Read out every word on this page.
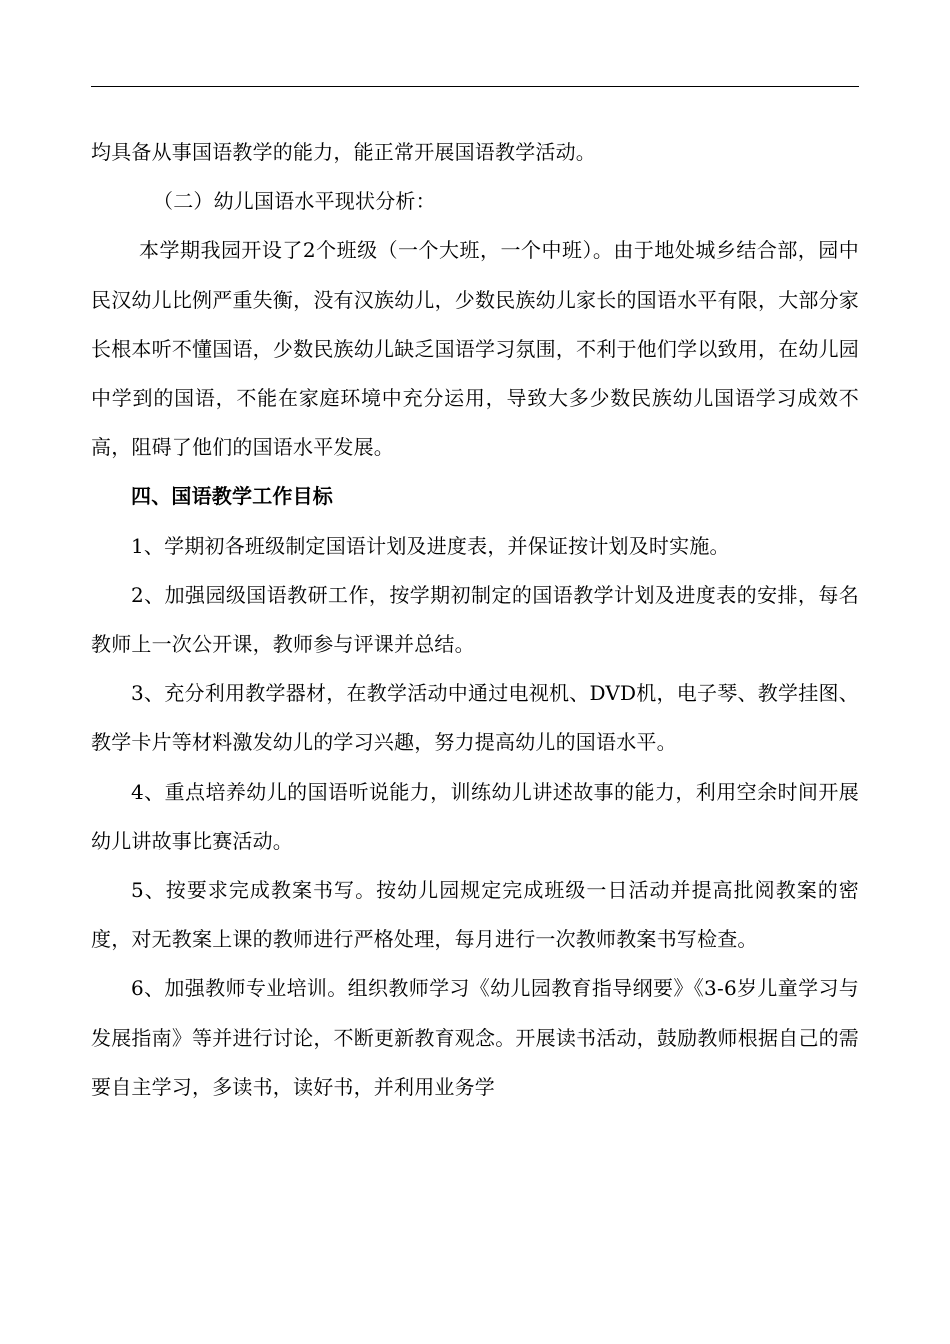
均具备从事国语教学的能力，能正常开展国语教学活动。

（二）幼儿国语水平现状分析：

本学期我园开设了2个班级（一个大班，一个中班）。由于地处城乡结合部，园中民汉幼儿比例严重失衡，没有汉族幼儿，少数民族幼儿家长的国语水平有限，大部分家长根本听不懂国语，少数民族幼儿缺乏国语学习氛围，不利于他们学以致用，在幼儿园中学到的国语，不能在家庭环境中充分运用，导致大多少数民族幼儿国语学习成效不高，阻碍了他们的国语水平发展。

四、国语教学工作目标

1、学期初各班级制定国语计划及进度表，并保证按计划及时实施。

2、加强园级国语教研工作，按学期初制定的国语教学计划及进度表的安排，每名教师上一次公开课，教师参与评课并总结。

3、充分利用教学器材，在教学活动中通过电视机、DVD机，电子琴、教学挂图、教学卡片等材料激发幼儿的学习兴趣，努力提高幼儿的国语水平。

4、重点培养幼儿的国语听说能力，训练幼儿讲述故事的能力，利用空余时间开展幼儿讲故事比赛活动。

5、按要求完成教案书写。按幼儿园规定完成班级一日活动并提高批阅教案的密度，对无教案上课的教师进行严格处理，每月进行一次教师教案书写检查。

6、加强教师专业培训。组织教师学习《幼儿园教育指导纲要》《3-6岁儿童学习与发展指南》等并进行讨论，不断更新教育观念。开展读书活动，鼓励教师根据自己的需要自主学习，多读书，读好书，并利用业务学
